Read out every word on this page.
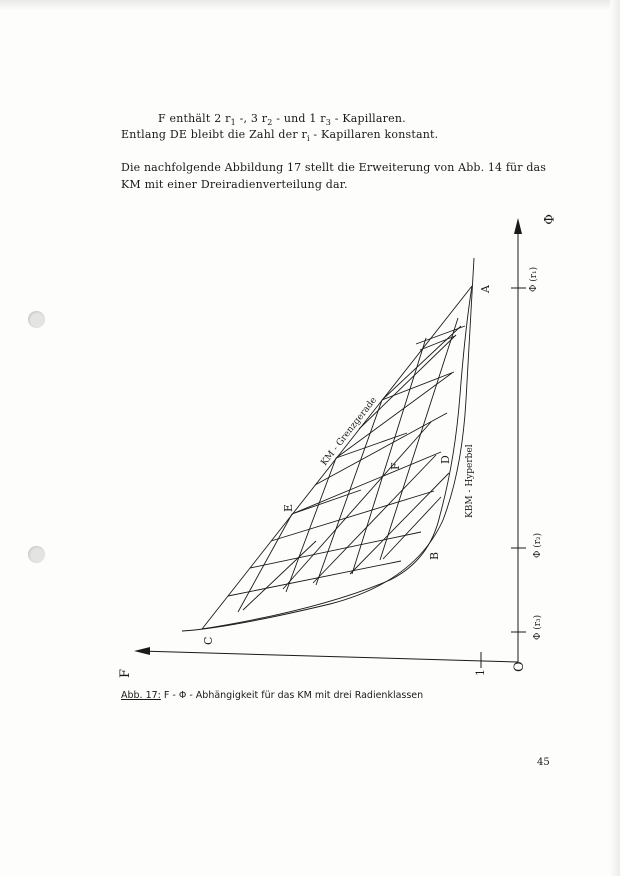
F enthält 2 $r_1$ -, 3 $r_2$ - und 1 $r_3$ - Kapillaren.
Entlang DE bleibt die Zahl der $r_i$ - Kapillaren konstant.
Die nachfolgende Abbildung 17 stellt die Erweiterung von Abb. 14 für das
KM mit einer Dreiradienverteilung dar.
Φ
Φ (r₁)
Φ (r₂)
Φ (r₃)
O
1
F
A
B
C
D
E
F
KM - Grenzgerade
KBM - Hyperbel
Abb. 17: F - Φ - Abhängigkeit für das KM mit drei Radienklassen
45
